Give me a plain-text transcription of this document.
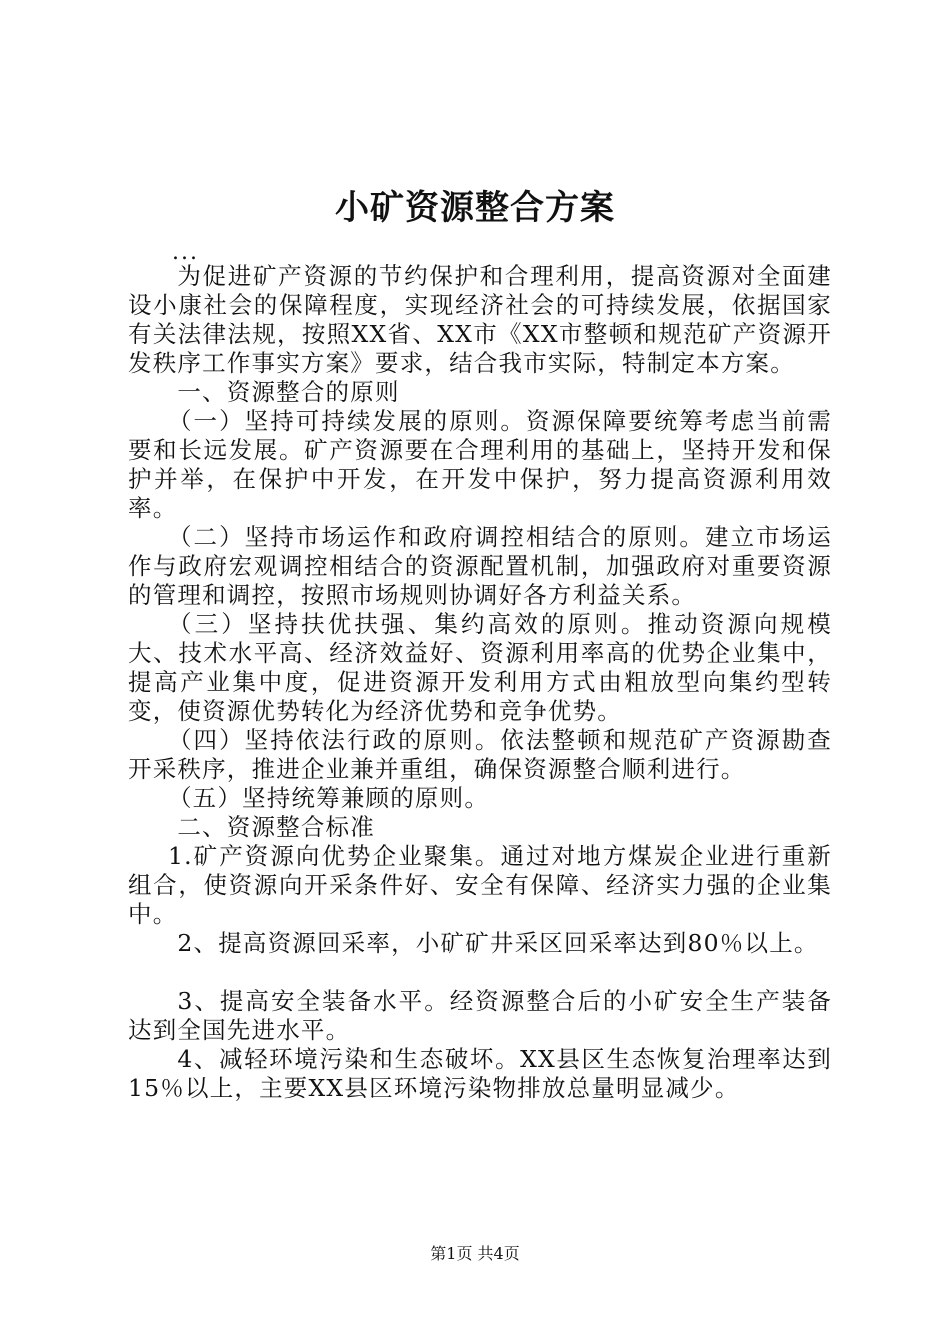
小矿资源整合方案
...

为促进矿产资源的节约保护和合理利用，提高资源对全面建设小康社会的保障程度，实现经济社会的可持续发展，依据国家有关法律法规，按照XX省、XX市《XX市整顿和规范矿产资源开发秩序工作事实方案》要求，结合我市实际，特制定本方案。

一、资源整合的原则

（一）坚持可持续发展的原则。资源保障要统筹考虑当前需要和长远发展。矿产资源要在合理利用的基础上，坚持开发和保护并举，在保护中开发，在开发中保护，努力提高资源利用效率。

（二）坚持市场运作和政府调控相结合的原则。建立市场运作与政府宏观调控相结合的资源配置机制，加强政府对重要资源的管理和调控，按照市场规则协调好各方利益关系。

（三）坚持扶优扶强、集约高效的原则。推动资源向规模大、技术水平高、经济效益好、资源利用率高的优势企业集中，提高产业集中度，促进资源开发利用方式由粗放型向集约型转变，使资源优势转化为经济优势和竞争优势。

（四）坚持依法行政的原则。依法整顿和规范矿产资源勘查开采秩序，推进企业兼并重组，确保资源整合顺利进行。

（五）坚持统筹兼顾的原则。

二、资源整合标准

1.矿产资源向优势企业聚集。通过对地方煤炭企业进行重新组合，使资源向开采条件好、安全有保障、经济实力强的企业集中。

2、提高资源回采率，小矿矿井采区回采率达到80％以上。

3、提高安全装备水平。经资源整合后的小矿安全生产装备达到全国先进水平。

4、减轻环境污染和生态破坏。XX县区生态恢复治理率达到15％以上，主要XX县区环境污染物排放总量明显减少。

第1页 共4页
